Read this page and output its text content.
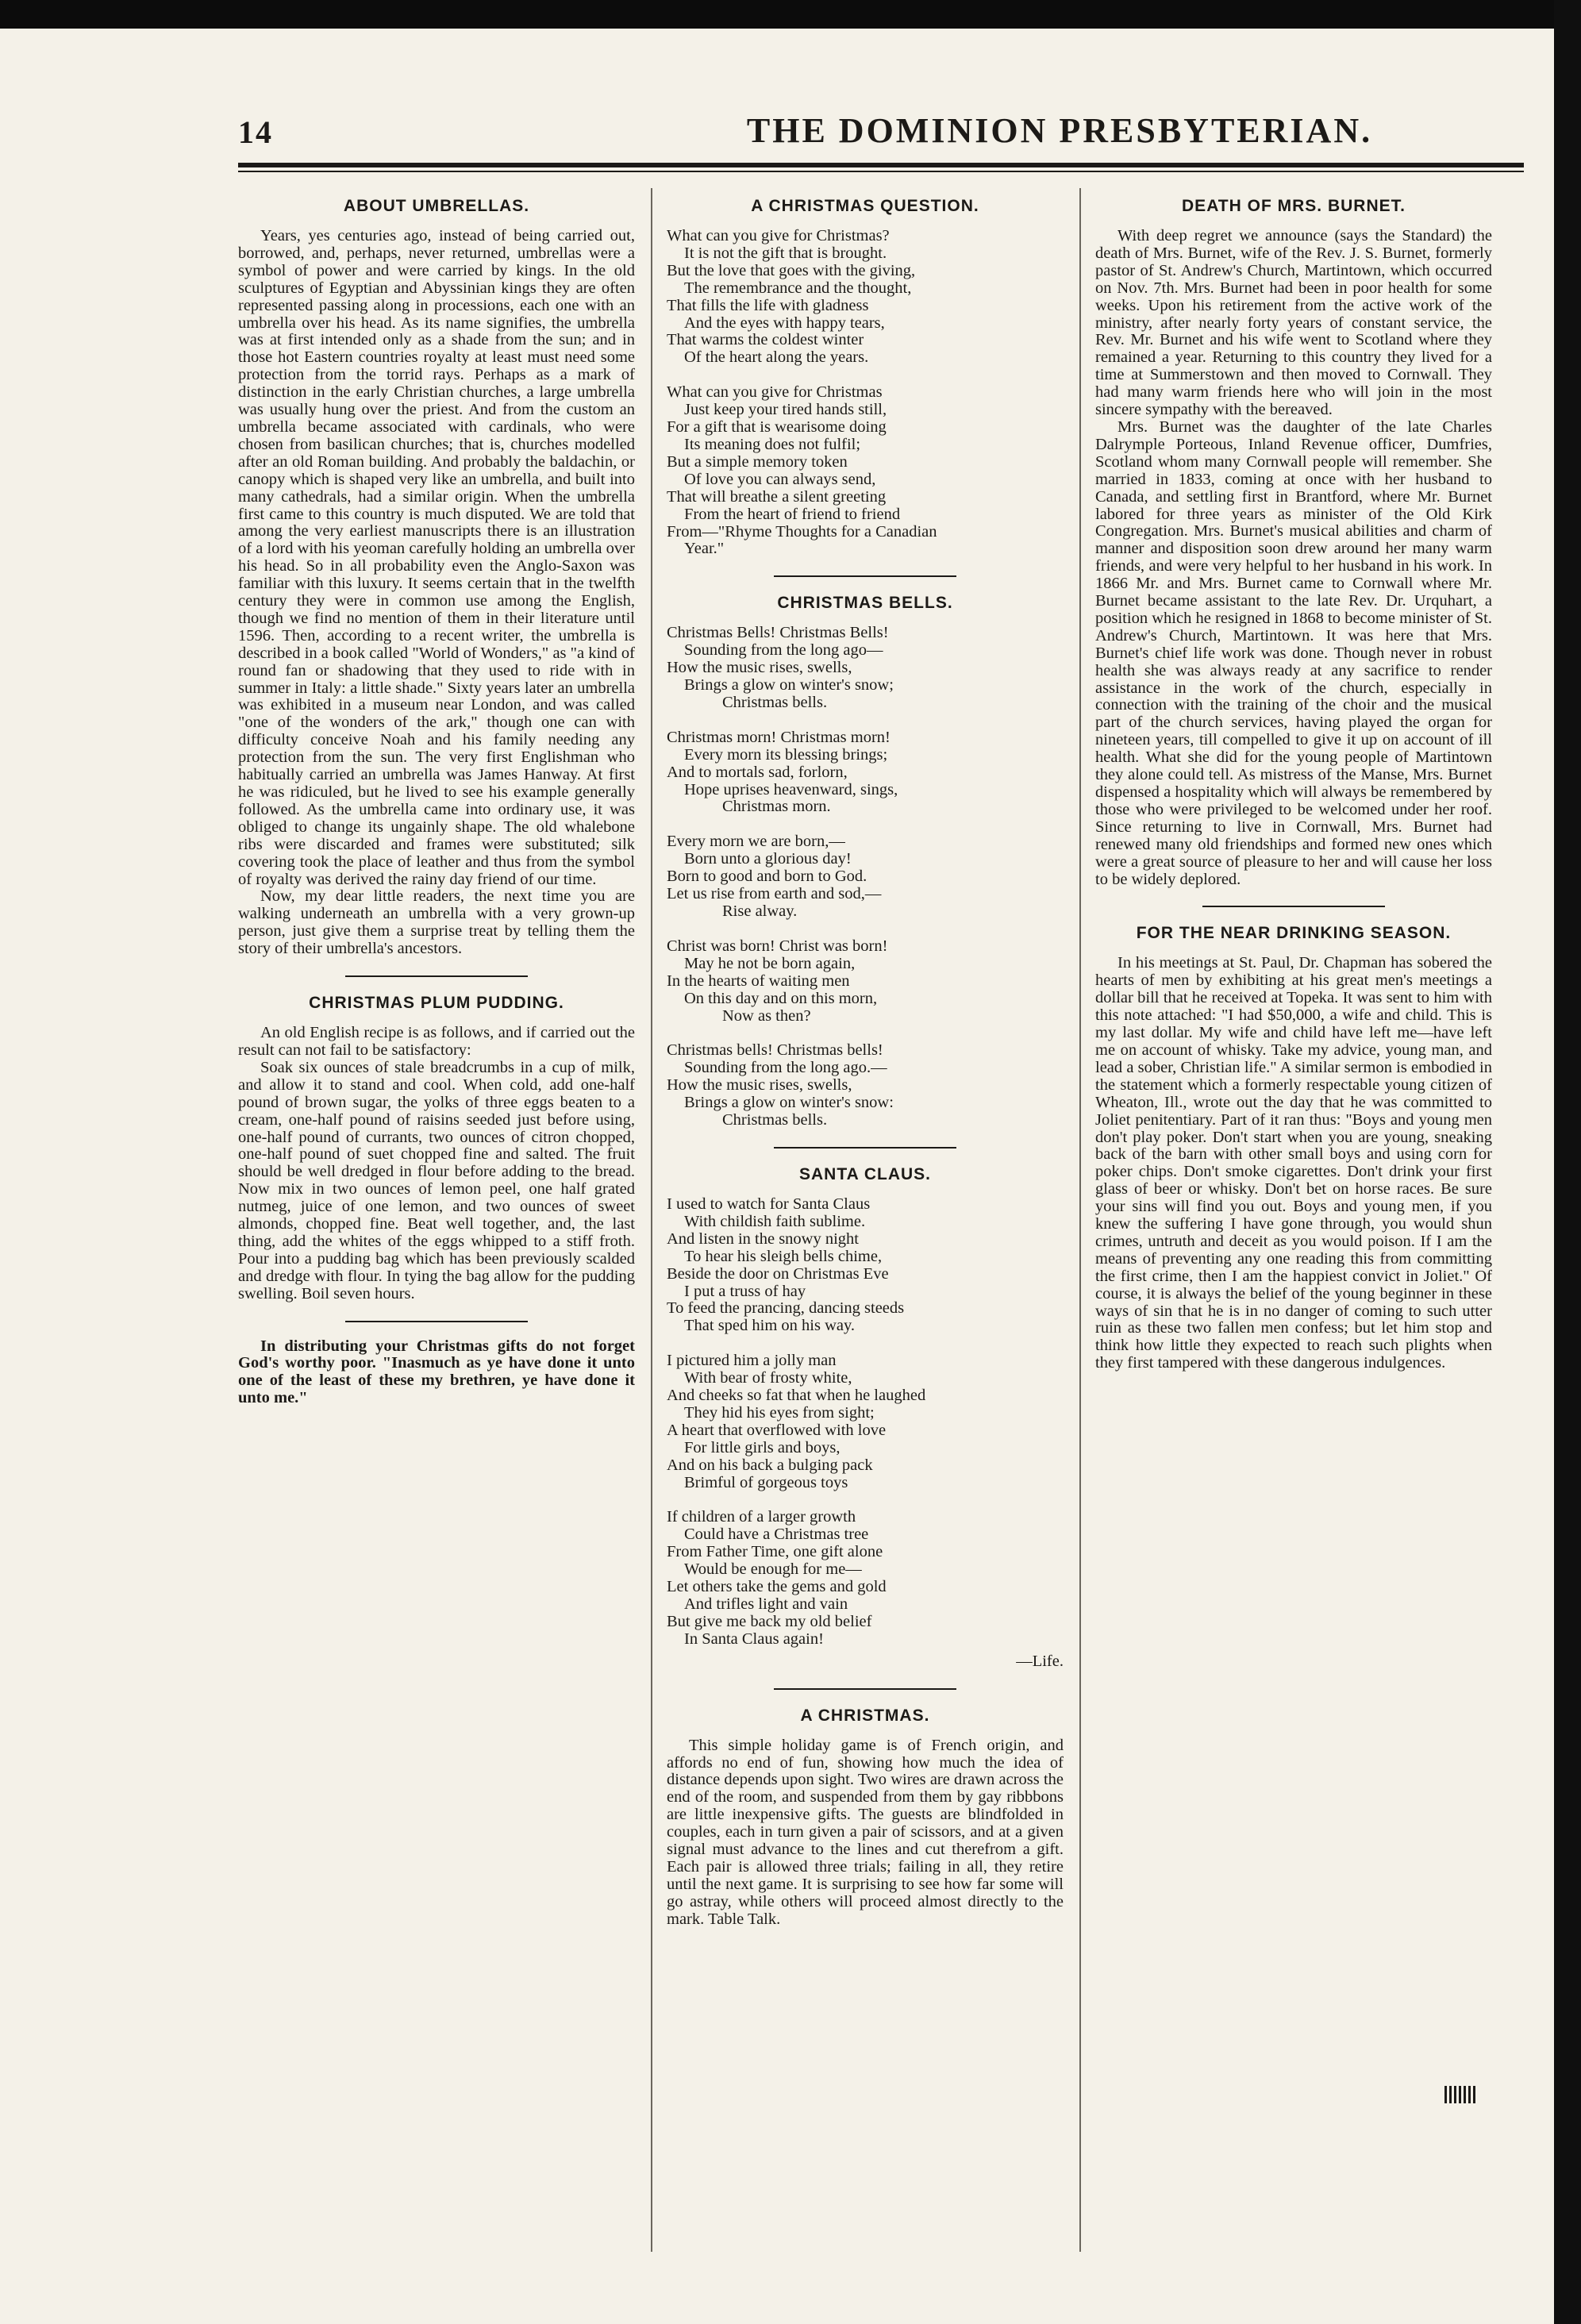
14	THE DOMINION PRESBYTERIAN.
ABOUT UMBRELLAS.

Years, yes centuries ago, instead of being carried out, borrowed, and, perhaps, never returned, umbrellas were a symbol of power and were carried by kings. In the old sculptures of Egyptian and Abyssinian kings they are often represented passing along in processions, each one with an umbrella over his head. As its name signifies, the umbrella was at first intended only as a shade from the sun; and in those hot Eastern countries royalty at least must need some protection from the torrid rays. Perhaps as a mark of distinction in the early Christian churches, a large umbrella was usually hung over the priest. And from the custom an umbrella became associated with cardinals, who were chosen from basilican churches; that is, churches modelled after an old Roman building. And probably the baldachin, or canopy which is shaped very like an umbrella, and built into many cathedrals, had a similar origin. When the umbrella first came to this country is much disputed. We are told that among the very earliest manuscripts there is an illustration of a lord with his yeoman carefully holding an umbrella over his head. So in all probability even the Anglo-Saxon was familiar with this luxury. It seems certain that in the twelfth century they were in common use among the English, though we find no mention of them in their literature until 1596. Then, according to a recent writer, the umbrella is described in a book called "World of Wonders," as "a kind of round fan or shadowing that they used to ride with in summer in Italy: a little shade." Sixty years later an umbrella was exhibited in a museum near London, and was called "one of the wonders of the ark," though one can with difficulty conceive Noah and his family needing any protection from the sun. The very first Englishman who habitually carried an umbrella was James Hanway. At first he was ridiculed, but he lived to see his example generally followed. As the umbrella came into ordinary use, it was obliged to change its ungainly shape. The old whalebone ribs were discarded and frames were substituted; silk covering took the place of leather and thus from the symbol of royalty was derived the rainy day friend of our time.

Now, my dear little readers, the next time you are walking underneath an umbrella with a very grown-up person, just give them a surprise treat by telling them the story of their umbrella's ancestors.

CHRISTMAS PLUM PUDDING.

An old English recipe is as follows, and if carried out the result can not fail to be satisfactory:

Soak six ounces of stale breadcrumbs in a cup of milk, and allow it to stand and cool. When cold, add one-half pound of brown sugar, the yolks of three eggs beaten to a cream, one-half pound of raisins seeded just before using, one-half pound of currants, two ounces of citron chopped, one-half pound of suet chopped fine and salted. The fruit should be well dredged in flour before adding to the bread. Now mix in two ounces of lemon peel, one half grated nutmeg, juice of one lemon, and two ounces of sweet almonds, chopped fine. Beat well together, and, the last thing, add the whites of the eggs whipped to a stiff froth. Pour into a pudding bag which has been previously scalded and dredge with flour. In tying the bag allow for the pudding swelling. Boil seven hours.

In distributing your Christmas gifts do not forget God's worthy poor. "Inasmuch as ye have done it unto one of the least of these my brethren, ye have done it unto me."

A CHRISTMAS QUESTION.
What can you give for Christmas?
It is not the gift that is brought.
But the love that goes with the giving,
The remembrance and the thought,
That fills the life with gladness
And the eyes with happy tears,
That warms the coldest winter
Of the heart along the years.
What can you give for Christmas
Just keep your tired hands still,
For a gift that is wearisome doing
Its meaning does not fulfil;
But a simple memory token
Of love you can always send,
That will breathe a silent greeting
From the heart of friend to friend
From—"Rhyme Thoughts for a Canadian
Year."
CHRISTMAS BELLS.
Christmas Bells! Christmas Bells!
Sounding from the long ago—
How the music rises, swells,
Brings a glow on winter's snow;
Christmas bells.
Christmas morn! Christmas morn!
Every morn its blessing brings;
And to mortals sad, forlorn,
Hope uprises heavenward, sings,
Christmas morn.
Every morn we are born,—
Born unto a glorious day!
Born to good and born to God.
Let us rise from earth and sod,—
Rise alway.
Christ was born! Christ was born!
May he not be born again,
In the hearts of waiting men
On this day and on this morn,
Now as then?
Christmas bells! Christmas bells!
Sounding from the long ago.—
How the music rises, swells,
Brings a glow on winter's snow:
Christmas bells.
SANTA CLAUS.
I used to watch for Santa Claus
With childish faith sublime.
And listen in the snowy night
To hear his sleigh bells chime,
Beside the door on Christmas Eve
I put a truss of hay
To feed the prancing, dancing steeds
That sped him on his way.
I pictured him a jolly man
With bear of frosty white,
And cheeks so fat that when he laughed
They hid his eyes from sight;
A heart that overflowed with love
For little girls and boys,
And on his back a bulging pack
Brimful of gorgeous toys
If children of a larger growth
Could have a Christmas tree
From Father Time, one gift alone
Would be enough for me—
Let others take the gems and gold
And trifles light and vain
But give me back my old belief
In Santa Claus again!
—Life.
A CHRISTMAS.

This simple holiday game is of French origin, and affords no end of fun, showing how much the idea of distance depends upon sight. Two wires are drawn across the end of the room, and suspended from them by gay ribbbons are little inexpensive gifts. The guests are blindfolded in couples, each in turn given a pair of scissors, and at a given signal must advance to the lines and cut therefrom a gift. Each pair is allowed three trials; failing in all, they retire until the next game. It is surprising to see how far some will go astray, while others will proceed almost directly to the mark. Table Talk.

DEATH OF MRS. BURNET.

With deep regret we announce (says the Standard) the death of Mrs. Burnet, wife of the Rev. J. S. Burnet, formerly pastor of St. Andrew's Church, Martintown, which occurred on Nov. 7th. Mrs. Burnet had been in poor health for some weeks. Upon his retirement from the active work of the ministry, after nearly forty years of constant service, the Rev. Mr. Burnet and his wife went to Scotland where they remained a year. Returning to this country they lived for a time at Summerstown and then moved to Cornwall. They had many warm friends here who will join in the most sincere sympathy with the bereaved.

Mrs. Burnet was the daughter of the late Charles Dalrymple Porteous, Inland Revenue officer, Dumfries, Scotland whom many Cornwall people will remember. She married in 1833, coming at once with her husband to Canada, and settling first in Brantford, where Mr. Burnet labored for three years as minister of the Old Kirk Congregation. Mrs. Burnet's musical abilities and charm of manner and disposition soon drew around her many warm friends, and were very helpful to her husband in his work. In 1866 Mr. and Mrs. Burnet came to Cornwall where Mr. Burnet became assistant to the late Rev. Dr. Urquhart, a position which he resigned in 1868 to become minister of St. Andrew's Church, Martintown. It was here that Mrs. Burnet's chief life work was done. Though never in robust health she was always ready at any sacrifice to render assistance in the work of the church, especially in connection with the training of the choir and the musical part of the church services, having played the organ for nineteen years, till compelled to give it up on account of ill health. What she did for the young people of Martintown they alone could tell. As mistress of the Manse, Mrs. Burnet dispensed a hospitality which will always be remembered by those who were privileged to be welcomed under her roof. Since returning to live in Cornwall, Mrs. Burnet had renewed many old friendships and formed new ones which were a great source of pleasure to her and will cause her loss to be widely deplored.

FOR THE NEAR DRINKING SEASON.

In his meetings at St. Paul, Dr. Chapman has sobered the hearts of men by exhibiting at his great men's meetings a dollar bill that he received at Topeka. It was sent to him with this note attached: "I had $50,000, a wife and child. This is my last dollar. My wife and child have left me—have left me on account of whisky. Take my advice, young man, and lead a sober, Christian life." A similar sermon is embodied in the statement which a formerly respectable young citizen of Wheaton, Ill., wrote out the day that he was committed to Joliet penitentiary. Part of it ran thus: "Boys and young men don't play poker. Don't start when you are young, sneaking back of the barn with other small boys and using corn for poker chips. Don't smoke cigarettes. Don't drink your first glass of beer or whisky. Don't bet on horse races. Be sure your sins will find you out. Boys and young men, if you knew the suffering I have gone through, you would shun crimes, untruth and deceit as you would poison. If I am the means of preventing any one reading this from committing the first crime, then I am the happiest convict in Joliet." Of course, it is always the belief of the young beginner in these ways of sin that he is in no danger of coming to such utter ruin as these two fallen men confess; but let him stop and think how little they expected to reach such plights when they first tampered with these dangerous indulgences.
